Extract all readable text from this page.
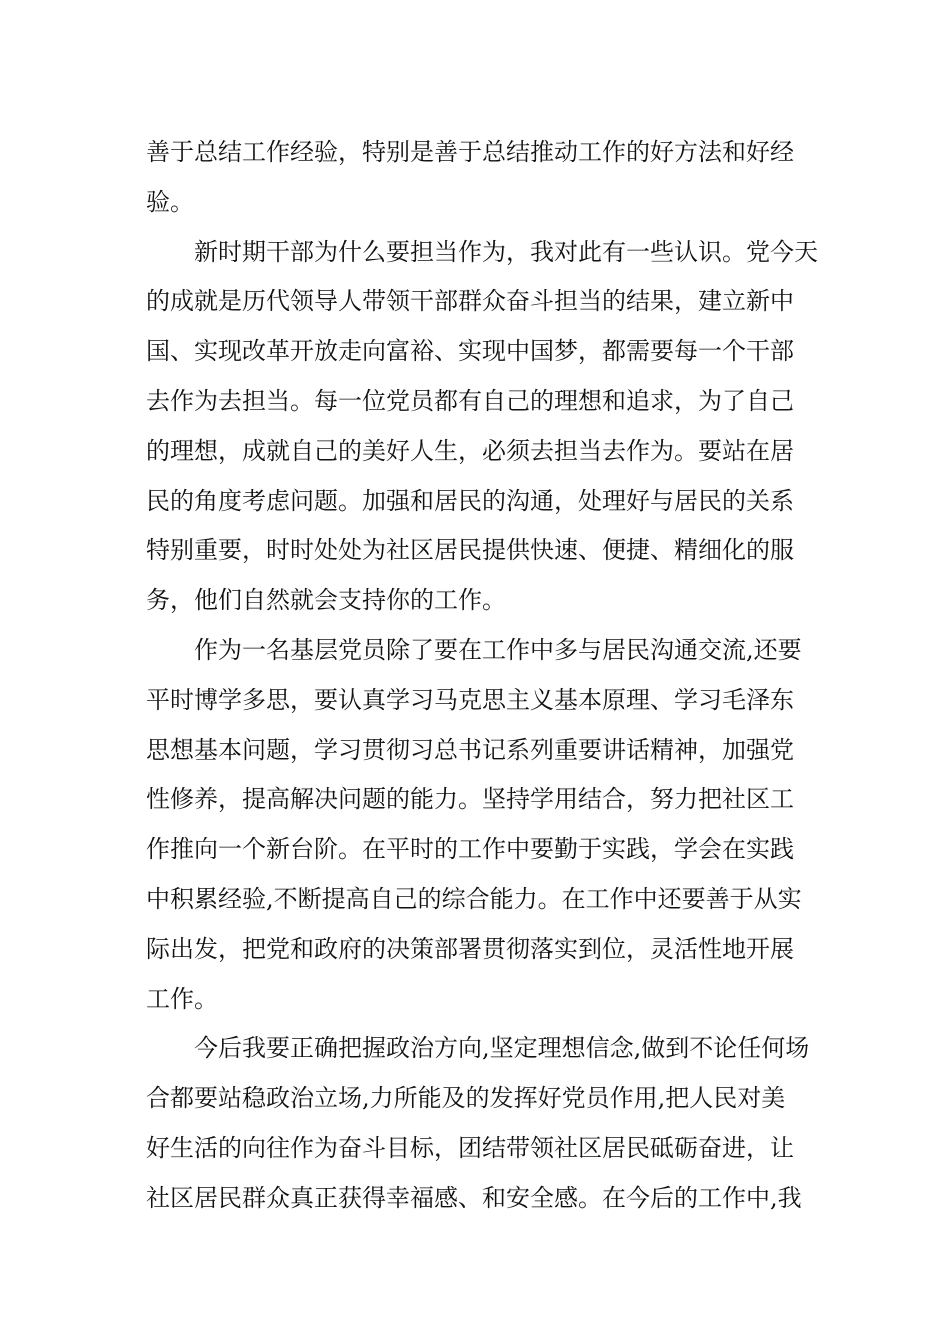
善于总结工作经验，特别是善于总结推动工作的好方法和好经
验。
　　新时期干部为什么要担当作为，我对此有一些认识。党今天
的成就是历代领导人带领干部群众奋斗担当的结果，建立新中
国、实现改革开放走向富裕、实现中国梦，都需要每一个干部
去作为去担当。每一位党员都有自己的理想和追求，为了自己
的理想，成就自己的美好人生，必须去担当去作为。要站在居
民的角度考虑问题。加强和居民的沟通，处理好与居民的关系
特别重要，时时处处为社区居民提供快速、便捷、精细化的服
务，他们自然就会支持你的工作。
　　作为一名基层党员除了要在工作中多与居民沟通交流,还要
平时博学多思，要认真学习马克思主义基本原理、学习毛泽东
思想基本问题，学习贯彻习总书记系列重要讲话精神，加强党
性修养，提高解决问题的能力。坚持学用结合，努力把社区工
作推向一个新台阶。在平时的工作中要勤于实践，学会在实践
中积累经验,不断提高自己的综合能力。在工作中还要善于从实
际出发，把党和政府的决策部署贯彻落实到位，灵活性地开展
工作。
　　今后我要正确把握政治方向,坚定理想信念,做到不论任何场
合都要站稳政治立场,力所能及的发挥好党员作用,把人民对美
好生活的向往作为奋斗目标，团结带领社区居民砥砺奋进，让
社区居民群众真正获得幸福感、和安全感。在今后的工作中,我
